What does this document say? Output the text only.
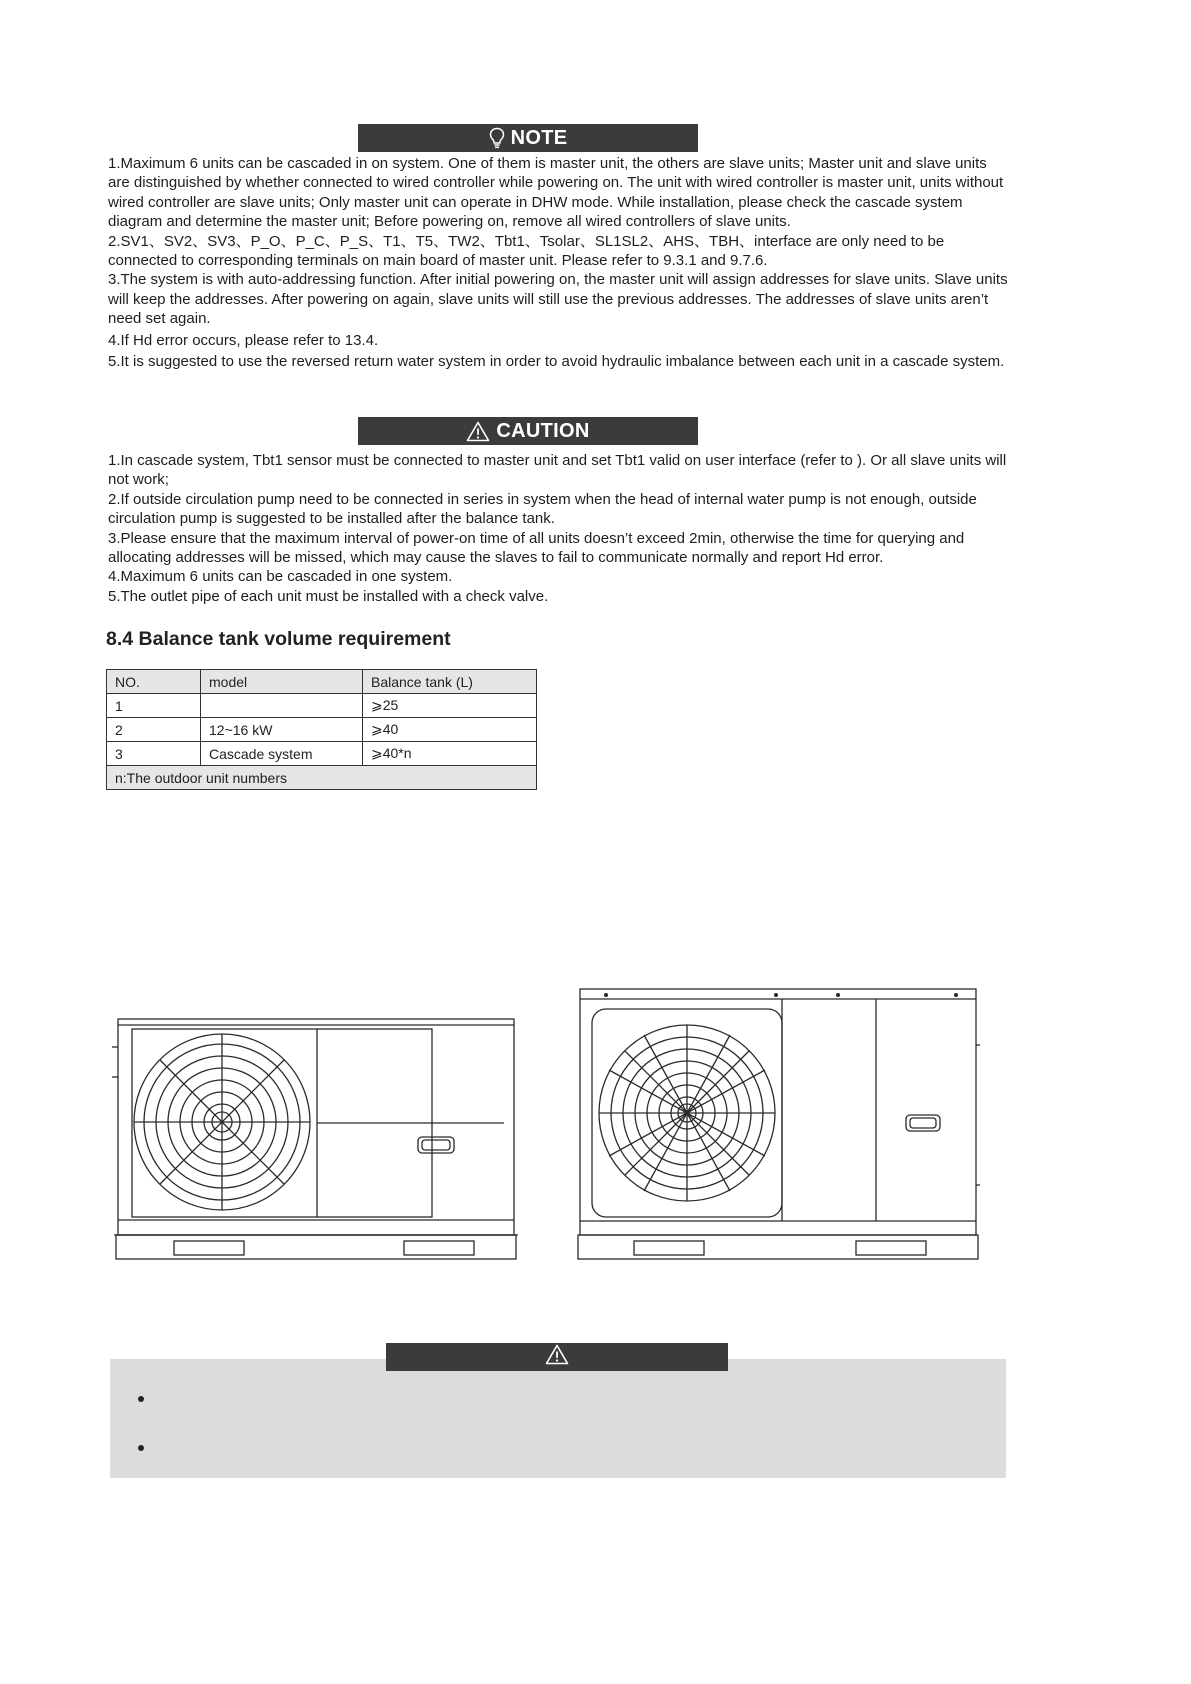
NOTE

1.Maximum 6 units can be cascaded in on system. One of them is master unit, the others are slave units; Master unit and slave units are distinguished by whether connected to wired controller while powering on. The unit with wired controller is master unit, units without wired controller are slave units; Only master unit can operate in DHW mode. While installation, please check the cascade system diagram and determine the master unit; Before powering on, remove all wired controllers of slave units.

2.SV1、SV2、SV3、P_O、P_C、P_S、T1、T5、TW2、Tbt1、Tsolar、SL1SL2、AHS、TBH、interface are only need to be connected to corresponding terminals on main board of master unit. Please refer to 9.3.1 and 9.7.6.

3.The system is with auto-addressing function. After initial powering on, the master unit will assign addresses for slave units. Slave units will keep the addresses. After powering on again, slave units will still use the previous addresses. The addresses of slave units aren’t need set again.

4.If Hd error occurs, please refer to 13.4.

5.It is suggested to use the reversed return water system in order to avoid hydraulic imbalance between each unit in a cascade system.

CAUTION

1.In cascade system, Tbt1 sensor must be connected to master unit and set Tbt1 valid on user interface (refer to ). Or all slave units will not work;

2.If outside circulation pump need to be connected in series in system when the head of internal water pump is not enough, outside circulation pump is suggested to be installed after the balance tank.

3.Please ensure that the maximum interval of power-on time of all units doesn’t exceed 2min, otherwise the time for querying and allocating addresses will be missed, which may cause the slaves to fail to communicate normally and report Hd error.

4.Maximum 6 units can be cascaded in one system.

5.The outlet pipe of each unit must be installed with a check valve.

8.4 Balance tank volume requirement
NO.	model	Balance tank (L)
1		⩾25
2	12~16 kW	⩾40
3	Cascade system	⩾40*n
n:The outdoor unit numbers		
